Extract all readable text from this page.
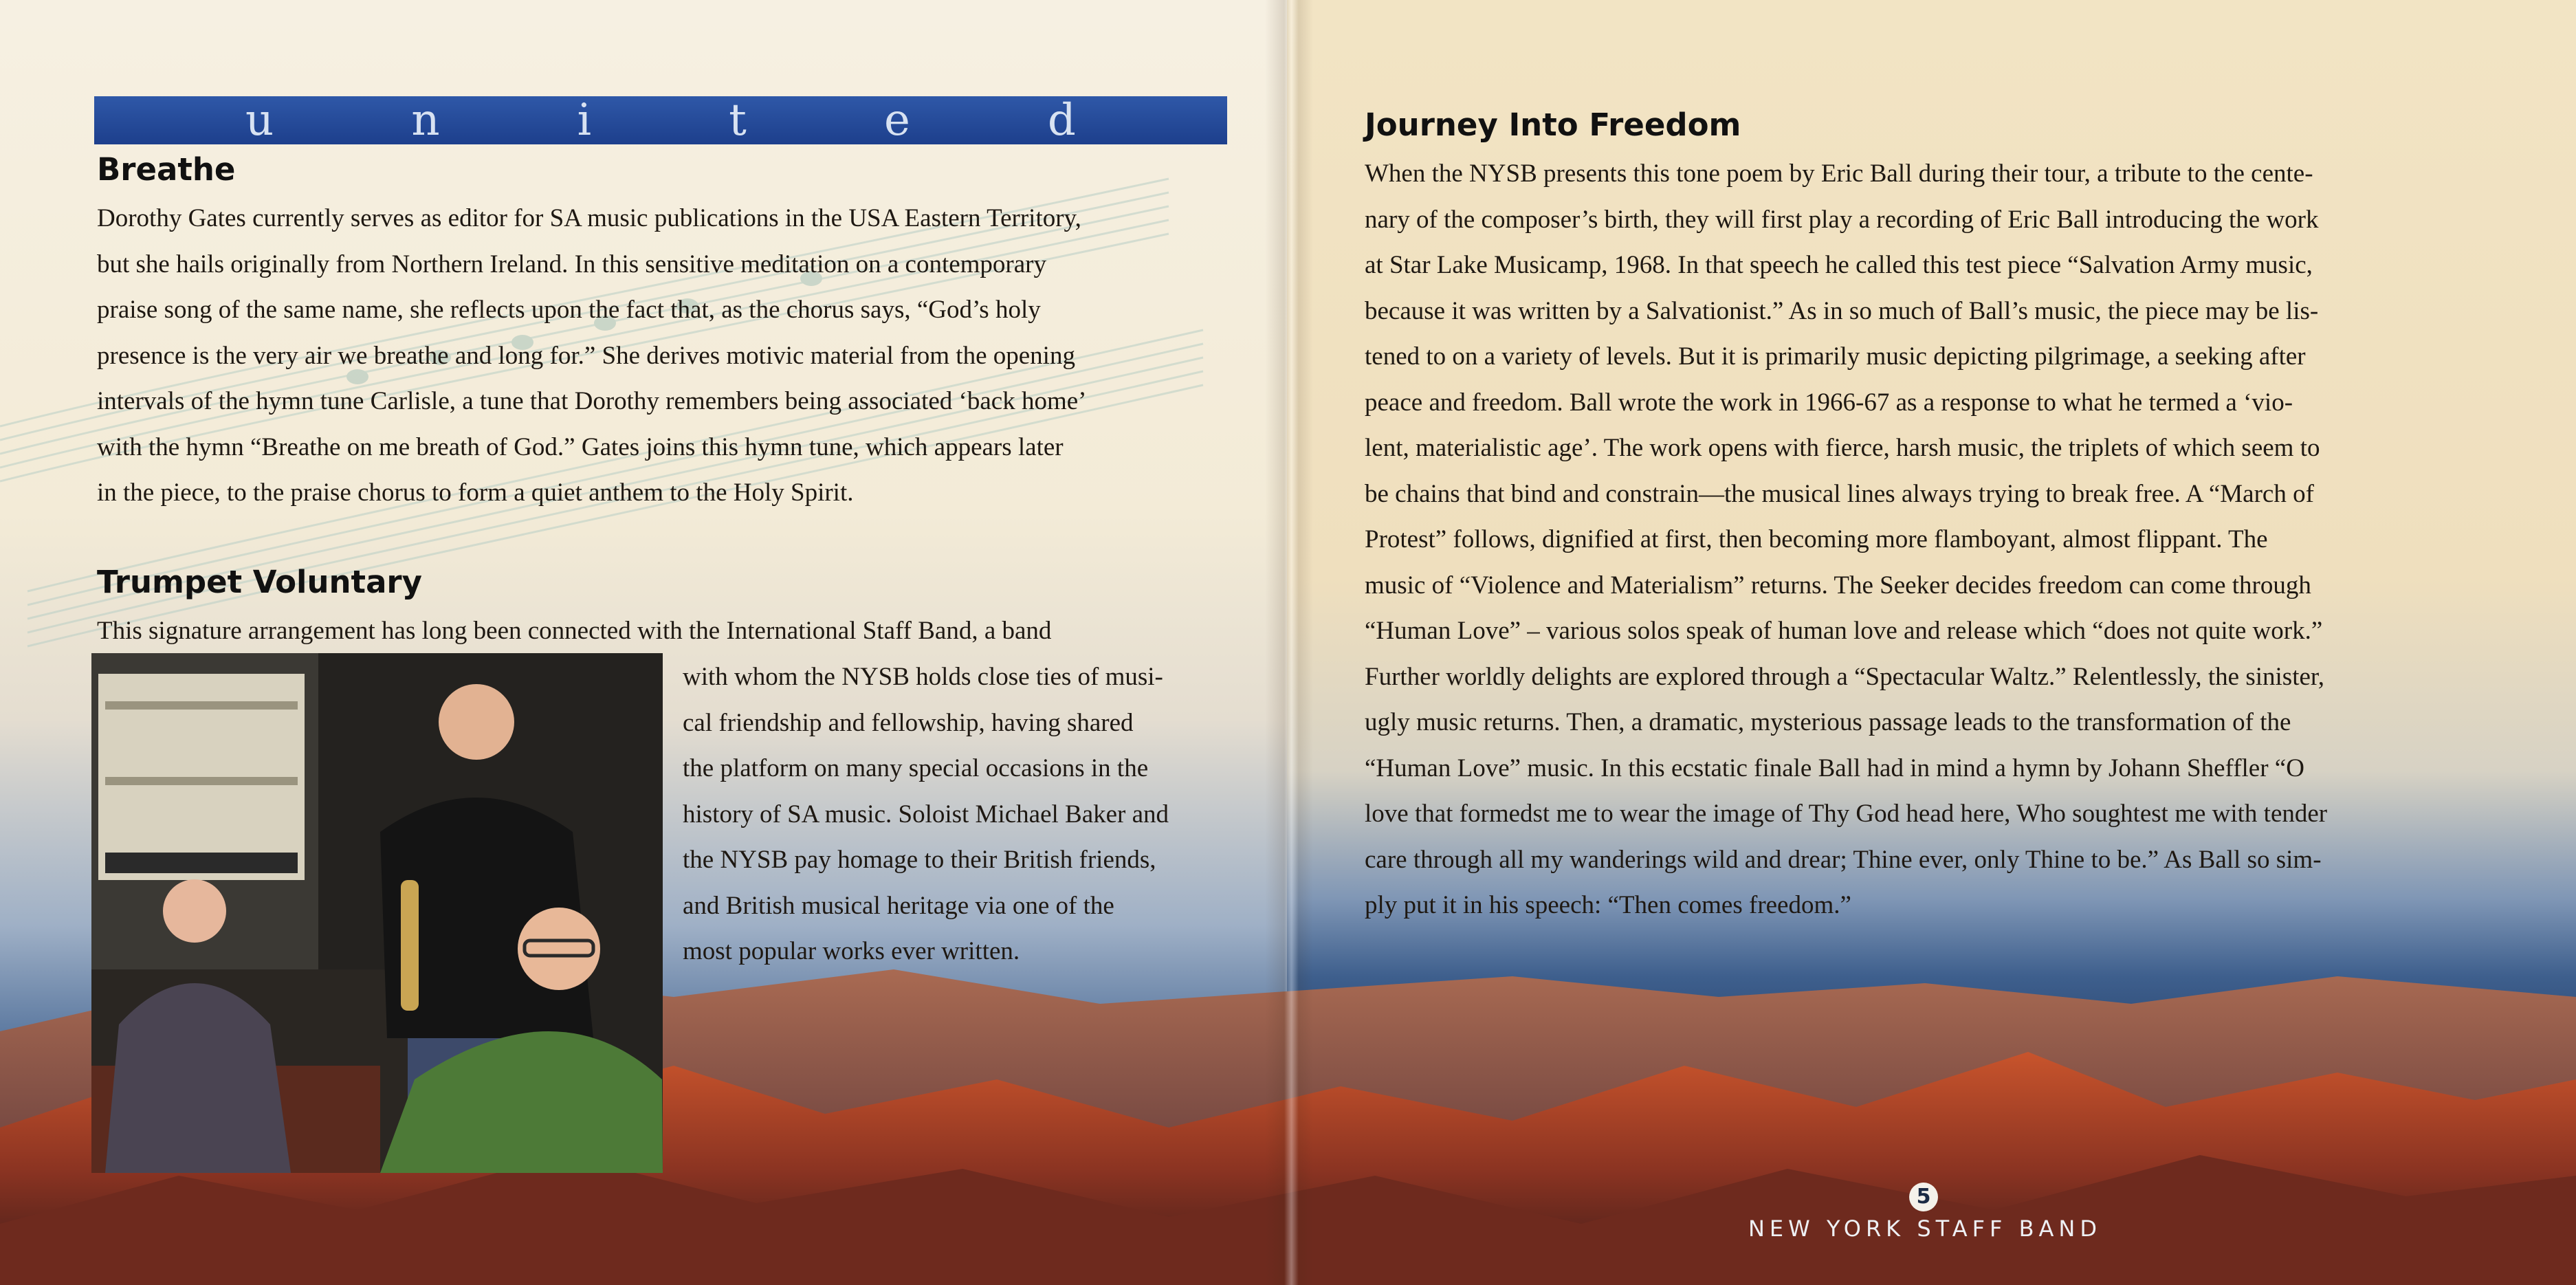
u	n	i	t	e	d
Breathe
Dorothy Gates currently serves as editor for SA music publications in the USA Eastern Territory,
but she hails originally from Northern Ireland. In this sensitive meditation on a contemporary
praise song of the same name, she reflects upon the fact that, as the chorus says, “God’s holy
presence is the very air we breathe and long for.” She derives motivic material from the opening
intervals of the hymn tune Carlisle, a tune that Dorothy remembers being associated ‘back home’
with the hymn “Breathe on me breath of God.” Gates joins this hymn tune, which appears later
in the piece, to the praise chorus to form a quiet anthem to the Holy Spirit.
Trumpet Voluntary
This signature arrangement has long been connected with the International Staff Band, a band
with whom the NYSB holds close ties of musi-
cal friendship and fellowship, having shared
the platform on many special occasions in the
history of SA music. Soloist Michael Baker and
the NYSB pay homage to their British friends,
and British musical heritage via one of the
most popular works ever written.
Journey Into Freedom
When the NYSB presents this tone poem by Eric Ball during their tour, a tribute to the cente-
nary of the composer’s birth, they will first play a recording of Eric Ball introducing the work
at Star Lake Musicamp, 1968. In that speech he called this test piece “Salvation Army music,
because it was written by a Salvationist.” As in so much of Ball’s music, the piece may be lis-
tened to on a variety of levels. But it is primarily music depicting pilgrimage, a seeking after
peace and freedom. Ball wrote the work in 1966-67 as a response to what he termed a ‘vio-
lent, materialistic age’. The work opens with fierce, harsh music, the triplets of which seem to
be chains that bind and constrain—the musical lines always trying to break free. A “March of
Protest” follows, dignified at first, then becoming more flamboyant, almost flippant. The
music of “Violence and Materialism” returns. The Seeker decides freedom can come through
“Human Love” – various solos speak of human love and release which “does not quite work.”
Further worldly delights are explored through a “Spectacular Waltz.” Relentlessly, the sinister,
ugly music returns. Then, a dramatic, mysterious passage leads to the transformation of the
“Human Love” music. In this ecstatic finale Ball had in mind a hymn by Johann Sheffler “O
love that formedst me to wear the image of Thy God head here, Who soughtest me with tender
care through all my wanderings wild and drear; Thine ever, only Thine to be.” As Ball so sim-
ply put it in his speech: “Then comes freedom.”
5
NEW YORK STAFF BAND
